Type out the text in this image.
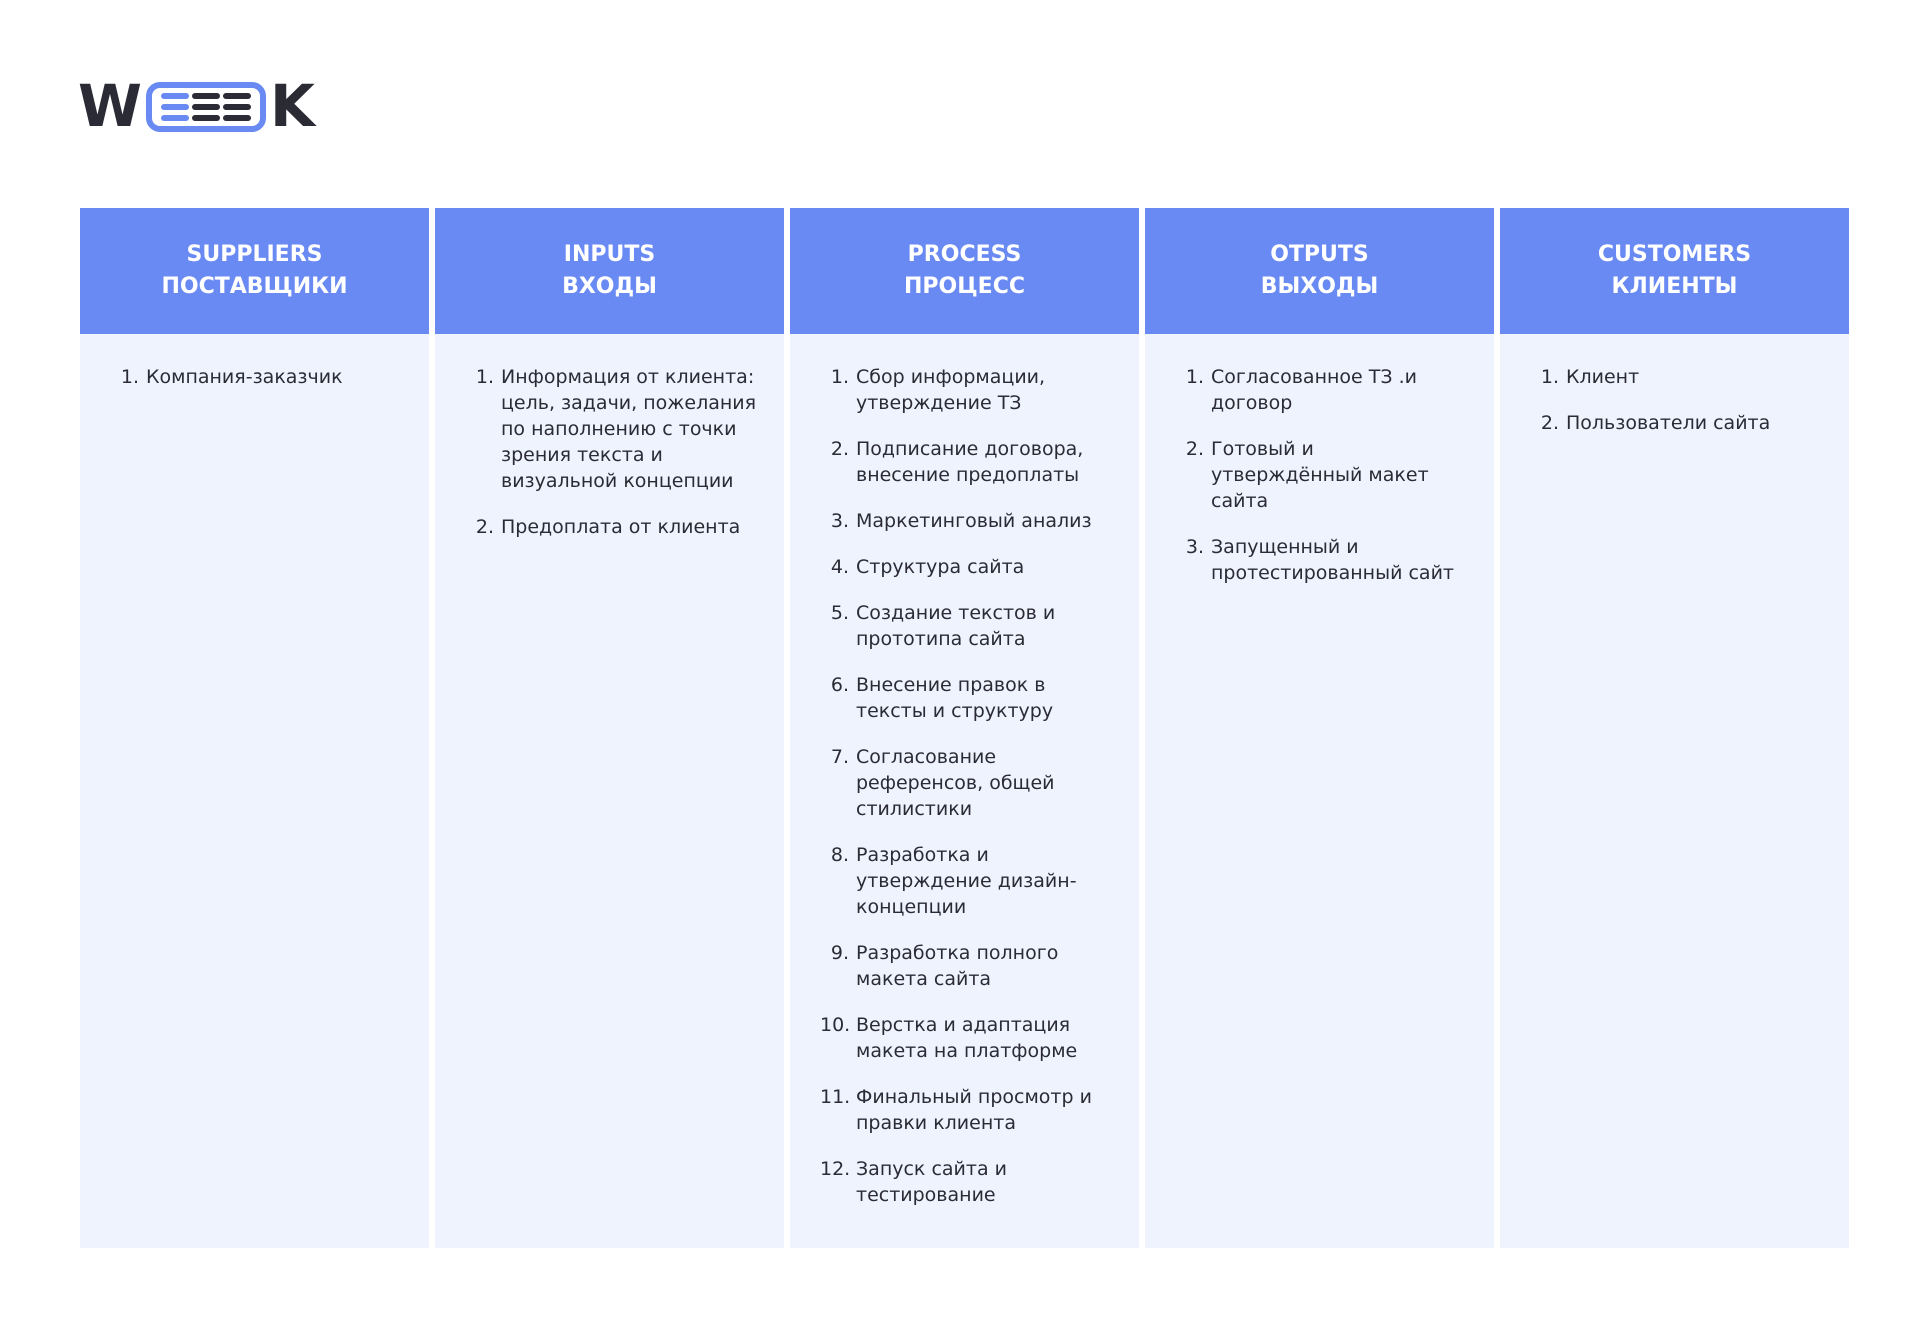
W K
SUPPLIERS
ПОСТАВЩИКИ
1. Компания-заказчик
INPUTS
ВХОДЫ
1. Информация от клиента: цель, задачи, пожелания по наполнению с точки зрения текста и визуальной концепции
2. Предоплата от клиента
PROCESS
ПРОЦЕСС
1. Сбор информации, утверждение ТЗ
2. Подписание договора, внесение предоплаты
3. Маркетинговый анализ
4. Структура сайта
5. Создание текстов и прототипа сайта
6. Внесение правок в тексты и структуру
7. Согласование референсов, общей стилистики
8. Разработка и утверждение дизайн-концепции
9. Разработка полного макета сайта
10. Верстка и адаптация макета на платформе
11. Финальный просмотр и правки клиента
12. Запуск сайта и тестирование
OTPUTS
ВЫХОДЫ
1. Согласованное ТЗ .и договор
2. Готовый и утверждённый макет сайта
3. Запущенный и протестированный сайт
CUSTOMERS
КЛИЕНТЫ
1. Клиент
2. Пользователи сайта
